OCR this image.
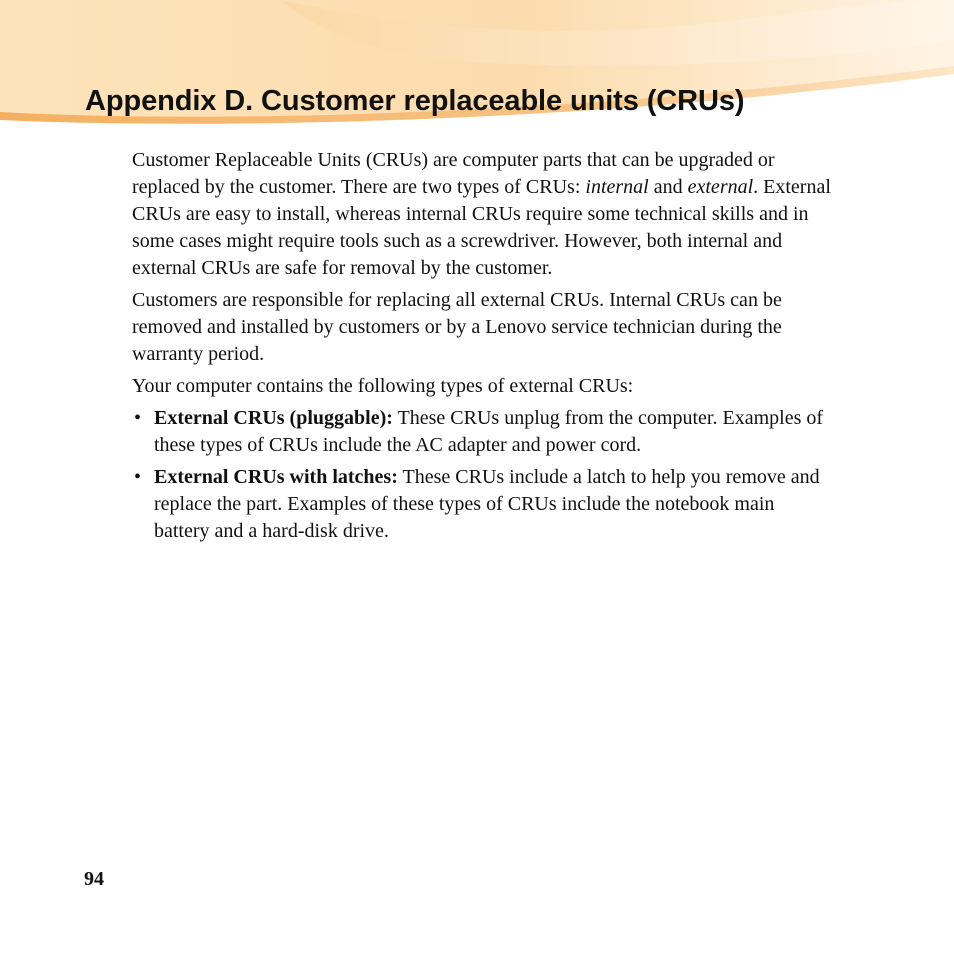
Appendix D. Customer replaceable units (CRUs)

Customer Replaceable Units (CRUs) are computer parts that can be upgraded or replaced by the customer. There are two types of CRUs: internal and external. External CRUs are easy to install, whereas internal CRUs require some technical skills and in some cases might require tools such as a screwdriver. However, both internal and external CRUs are safe for removal by the customer.

Customers are responsible for replacing all external CRUs. Internal CRUs can be removed and installed by customers or by a Lenovo service technician during the warranty period.

Your computer contains the following types of external CRUs:

• External CRUs (pluggable): These CRUs unplug from the computer. Examples of these types of CRUs include the AC adapter and power cord.
• External CRUs with latches: These CRUs include a latch to help you remove and replace the part. Examples of these types of CRUs include the notebook main battery and a hard-disk drive.
94
